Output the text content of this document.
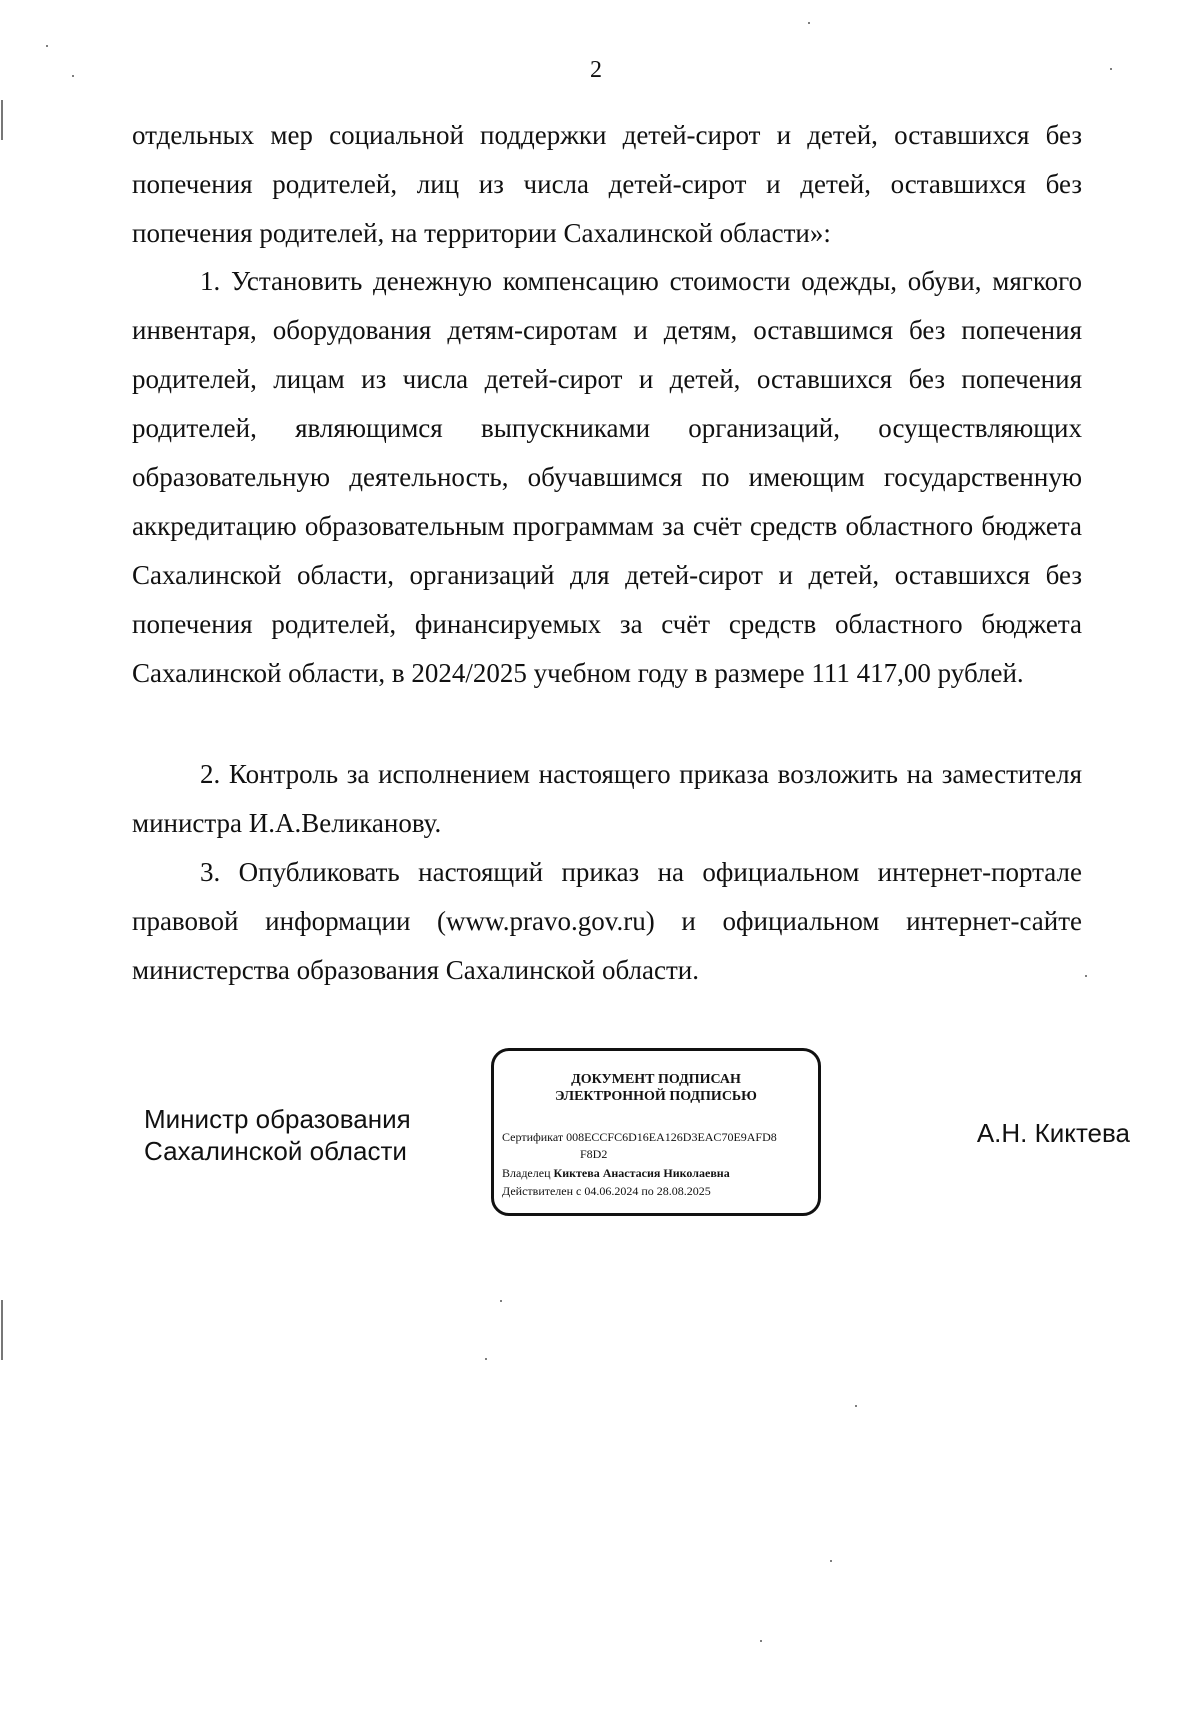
2
отдельных мер социальной поддержки детей-сирот и детей, оставшихся без попечения родителей, лиц из числа детей-сирот и детей, оставшихся без попечения родителей, на территории Сахалинской области»:
1. Установить денежную компенсацию стоимости одежды, обуви, мягкого инвентаря, оборудования детям-сиротам и детям, оставшимся без попечения родителей, лицам из числа детей-сирот и детей, оставшихся без попечения родителей, являющимся выпускниками организаций, осуществляющих образовательную деятельность, обучавшимся по имеющим государственную аккредитацию образовательным программам за счёт средств областного бюджета Сахалинской области, организаций для детей-сирот и детей, оставшихся без попечения родителей, финансируемых за счёт средств областного бюджета Сахалинской области, в 2024/2025 учебном году в размере 111 417,00 рублей.
2. Контроль за исполнением настоящего приказа возложить на заместителя министра И.А.Великанову.
3. Опубликовать настоящий приказ на официальном интернет-портале правовой информации (www.pravo.gov.ru) и официальном интернет-сайте министерства образования Сахалинской области.
Министр образования
Сахалинской области
ДОКУМЕНТ ПОДПИСАН
ЭЛЕКТРОННОЙ ПОДПИСЬЮ
Сертификат 008ECCFC6D16EA126D3EAC70E9AFD8
F8D2
Владелец Киктева Анастасия Николаевна
Действителен с 04.06.2024 по 28.08.2025
А.Н. Киктева
